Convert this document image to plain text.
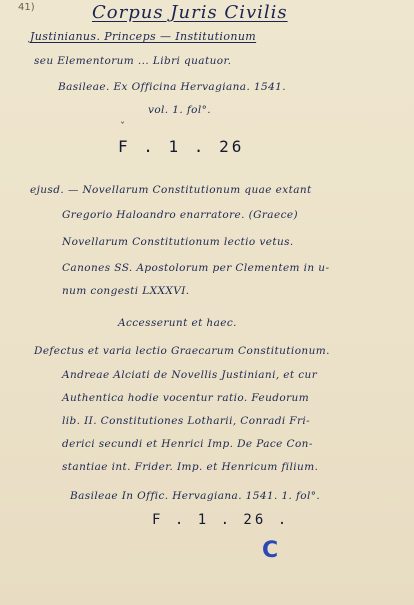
41)	Corpus Juris Civilis
Justinianus. Princeps — Institutionum
seu Elementorum ... Libri quatuor.
Basileae. Ex Officina Hervagiana. 1541.
vol. 1. fol°.
ˇ
F . 1 . 26
ejusd. — Novellarum Constitutionum quae extant
Gregorio Haloandro enarratore. (Graece)
Novellarum Constitutionum lectio vetus.
Canones SS. Apostolorum per Clementem in u-
num congesti LXXXVI.
Accesserunt et haec.
Defectus et varia lectio Graecarum Constitutionum.
Andreae Alciati de Novellis Justiniani, et cur
Authentica hodie vocentur ratio. Feudorum
lib. II. Constitutiones Lotharii, Conradi Fri-
derici secundi et Henrici Imp. De Pace Con-
stantiae int. Frider. Imp. et Henricum filium.
Basileae In Offic. Hervagiana. 1541. 1. fol°.
F . 1 . 26 .
C
